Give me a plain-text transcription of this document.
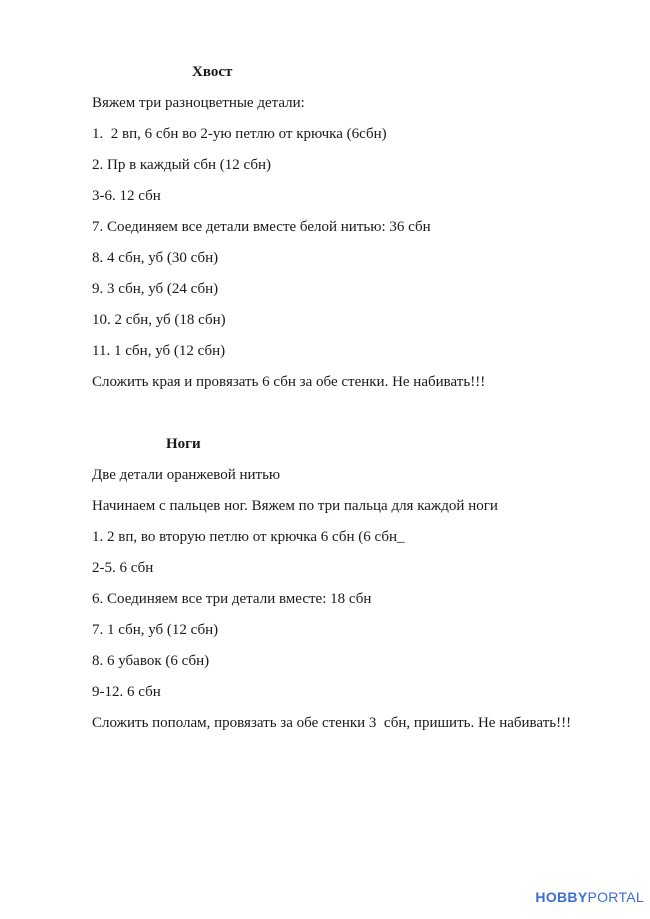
Хвост
Вяжем три разноцветные детали:
1.  2 вп, 6 сбн во 2-ую петлю от крючка (6сбн)
2. Пр в каждый сбн (12 сбн)
3-6. 12 сбн
7. Соединяем все детали вместе белой нитью: 36 сбн
8. 4 сбн, уб (30 сбн)
9. 3 сбн, уб (24 сбн)
10. 2 сбн, уб (18 сбн)
11. 1 сбн, уб (12 сбн)
Сложить края и провязать 6 сбн за обе стенки. Не набивать!!!
Ноги
Две детали оранжевой нитью
Начинаем с пальцев ног. Вяжем по три пальца для каждой ноги
1. 2 вп, во вторую петлю от крючка 6 сбн (6 сбн_
2-5. 6 сбн
6. Соединяем все три детали вместе: 18 сбн
7. 1 сбн, уб (12 сбн)
8. 6 убавок (6 сбн)
9-12. 6 сбн
Сложить пополам, провязать за обе стенки 3  сбн, пришить. Не набивать!!!
HOBBYPORTAL
